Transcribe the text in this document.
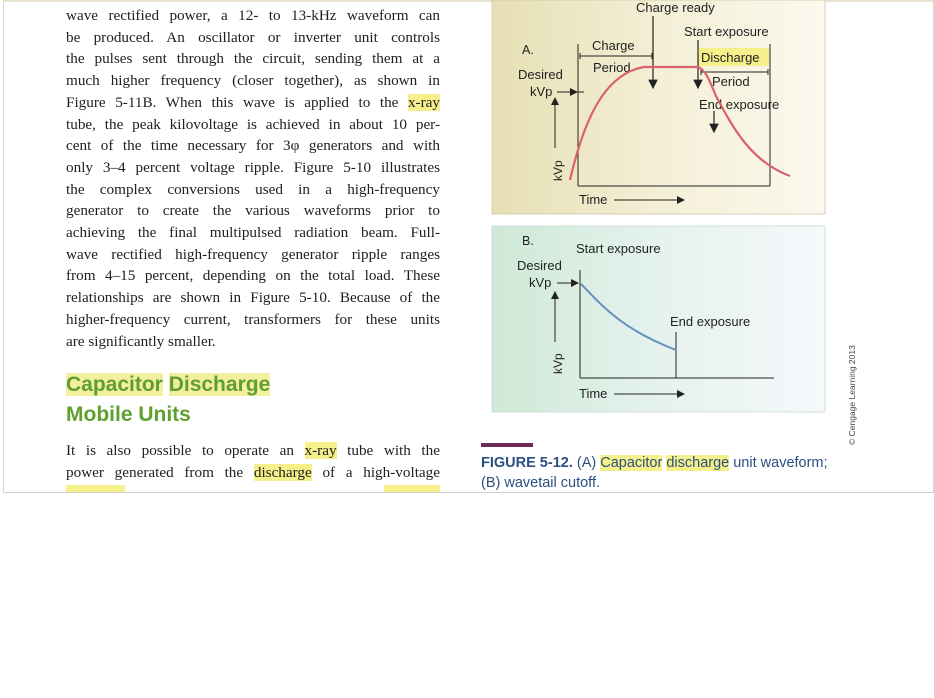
wave rectified power, a 12- to 13-kHz waveform can
be produced. An oscillator or inverter unit controls
the pulses sent through the circuit, sending them at a
much higher frequency (closer together), as shown in
Figure 5-11B. When this wave is applied to the x-ray
tube, the peak kilovoltage is achieved in about 10 per-
cent of the time necessary for 3φ generators and with
only 3–4 percent voltage ripple. Figure 5-10 illustrates
the complex conversions used in a high-frequency
generator to create the various waveforms prior to
achieving the final multipulsed radiation beam. Full-
wave rectified high-frequency generator ripple ranges
from 4–15 percent, depending on the total load. These
relationships are shown in Figure 5-10. Because of the
higher-frequency current, transformers for these units
are significantly smaller.
Capacitor Discharge
Mobile Units
It is also possible to operate an x-ray tube with the
power generated from the discharge of a high-voltage

A.
Charge ready
Start exposure
Charge
Period
Discharge
Period
End exposure
Desired
kVp
kVp
Time
B.	Start exposure
End exposure
Desired
kVp
kVp
Time
FIGURE 5-12. (A) Capacitor discharge unit waveform;
(B) wavetail cutoff.
© Cengage Learning 2013
